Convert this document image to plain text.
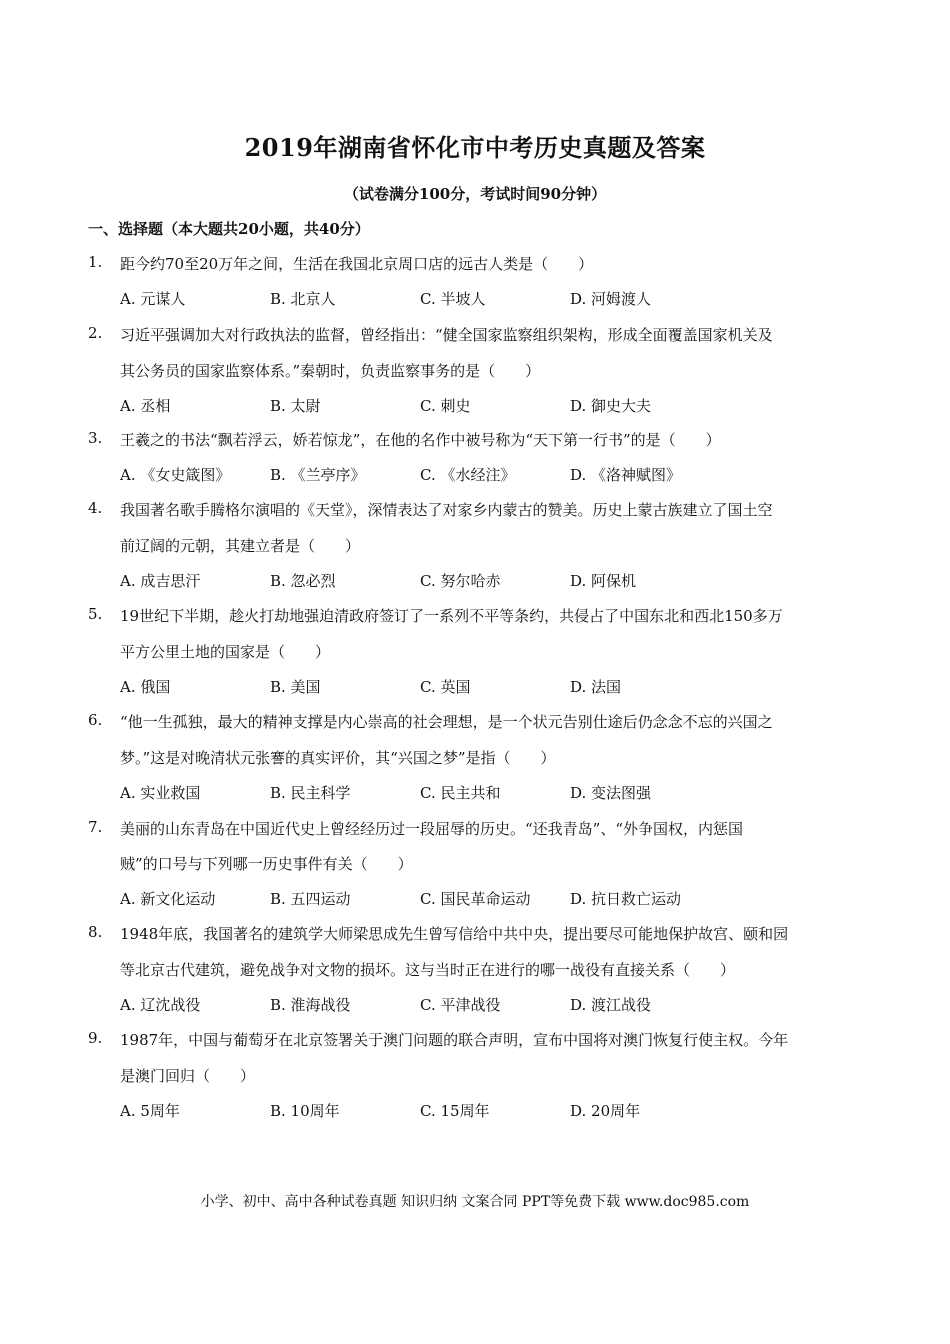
2019年湖南省怀化市中考历史真题及答案
（试卷满分100分，考试时间90分钟）
一、选择题（本大题共20小题，共40分）
1. 距今约70至20万年之间，生活在我国北京周口店的远古人类是（　　）
A. 元谋人	B. 北京人	C. 半坡人	D. 河姆渡人
2. 习近平强调加大对行政执法的监督，曾经指出：“健全国家监察组织架构，形成全面覆盖国家机关及
其公务员的国家监察体系。”秦朝时，负责监察事务的是（　　）
A. 丞相	B. 太尉	C. 刺史	D. 御史大夫
3. 王羲之的书法“飘若浮云，娇若惊龙”，在他的名作中被号称为“天下第一行书”的是（　　）
A. 《女史箴图》	B. 《兰亭序》	C. 《水经注》	D. 《洛神赋图》
4. 我国著名歌手腾格尔演唱的《天堂》，深情表达了对家乡内蒙古的赞美。历史上蒙古族建立了国土空
前辽阔的元朝，其建立者是（　　）
A. 成吉思汗	B. 忽必烈	C. 努尔哈赤	D. 阿保机
5. 19世纪下半期，趁火打劫地强迫清政府签订了一系列不平等条约，共侵占了中国东北和西北150多万
平方公里土地的国家是（　　）
A. 俄国	B. 美国	C. 英国	D. 法国
6. “他一生孤独，最大的精神支撑是内心崇高的社会理想，是一个状元告别仕途后仍念念不忘的兴国之
梦。”这是对晚清状元张謇的真实评价，其“兴国之梦”是指（　　）
A. 实业救国	B. 民主科学	C. 民主共和	D. 变法图强
7. 美丽的山东青岛在中国近代史上曾经经历过一段屈辱的历史。“还我青岛”、“外争国权，内惩国
贼”的口号与下列哪一历史事件有关（　　）
A. 新文化运动	B. 五四运动	C. 国民革命运动	D. 抗日救亡运动
8. 1948年底，我国著名的建筑学大师梁思成先生曾写信给中共中央，提出要尽可能地保护故宫、颐和园
等北京古代建筑，避免战争对文物的损坏。这与当时正在进行的哪一战役有直接关系（　　）
A. 辽沈战役	B. 淮海战役	C. 平津战役	D. 渡江战役
9. 1987年，中国与葡萄牙在北京签署关于澳门问题的联合声明，宣布中国将对澳门恢复行使主权。今年
是澳门回归（　　）
A. 5周年	B. 10周年	C. 15周年	D. 20周年
小学、初中、高中各种试卷真题 知识归纳 文案合同 PPT等免费下载 www.doc985.com
